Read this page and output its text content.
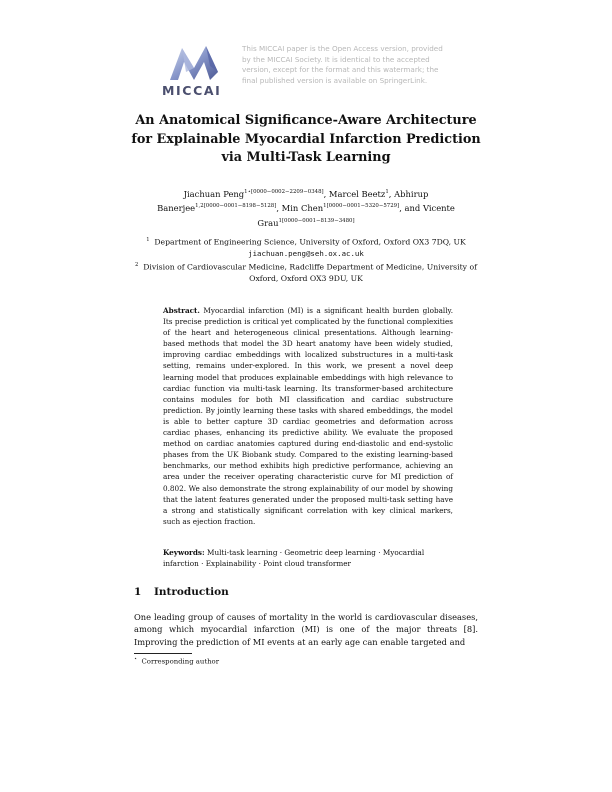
MICCAI
This MICCAI paper is the Open Access version, provided
by the MICCAI Society. It is identical to the accepted
version, except for the format and this watermark; the
final published version is available on SpringerLink.
An Anatomical Significance-Aware Architecture
for Explainable Myocardial Infarction Prediction
via Multi-Task Learning
Jiachuan Peng$^{1⋆[0000-0002-2209-0348]}$, Marcel Beetz$^1$, Abhirup Banerjee$^{1,2[0000-0001-8198-5128]}$, Min Chen$^{1[0000-0001-5320-5729]}$, and Vicente Grau$^{1[0000-0001-8139-3480]}$
$^1$ Department of Engineering Science, University of Oxford, Oxford OX3 7DQ, UK
jiachuan.peng@seh.ox.ac.uk
$^2$ Division of Cardiovascular Medicine, Radcliffe Department of Medicine, University of Oxford, Oxford OX3 9DU, UK
Abstract. Myocardial infarction (MI) is a significant health burden globally. Its precise prediction is critical yet complicated by the functional complexities of the heart and heterogeneous clinical presentations. Although learning-based methods that model the 3D heart anatomy have been widely studied, improving cardiac embeddings with localized substructures in a multi-task setting, remains under-explored. In this work, we present a novel deep learning model that produces explainable embeddings with high relevance to cardiac function via multi-task learning. Its transformer-based architecture contains modules for both MI classification and cardiac substructure prediction. By jointly learning these tasks with shared embeddings, the model is able to better capture 3D cardiac geometries and deformation across cardiac phases, enhancing its predictive ability. We evaluate the proposed method on cardiac anatomies captured during end-diastolic and end-systolic phases from the UK Biobank study. Compared to the existing learning-based benchmarks, our method exhibits high predictive performance, achieving an area under the receiver operating characteristic curve for MI prediction of 0.802. We also demonstrate the strong explainability of our model by showing that the latent features generated under the proposed multi-task setting have a strong and statistically significant correlation with key clinical markers, such as ejection fraction.
Keywords: Multi-task learning · Geometric deep learning · Myocardial infarction · Explainability · Point cloud transformer
1 Introduction
One leading group of causes of mortality in the world is cardiovascular diseases, among which myocardial infarction (MI) is one of the major threats [8]. Improving the prediction of MI events at an early age can enable targeted and
⋆ Corresponding author
